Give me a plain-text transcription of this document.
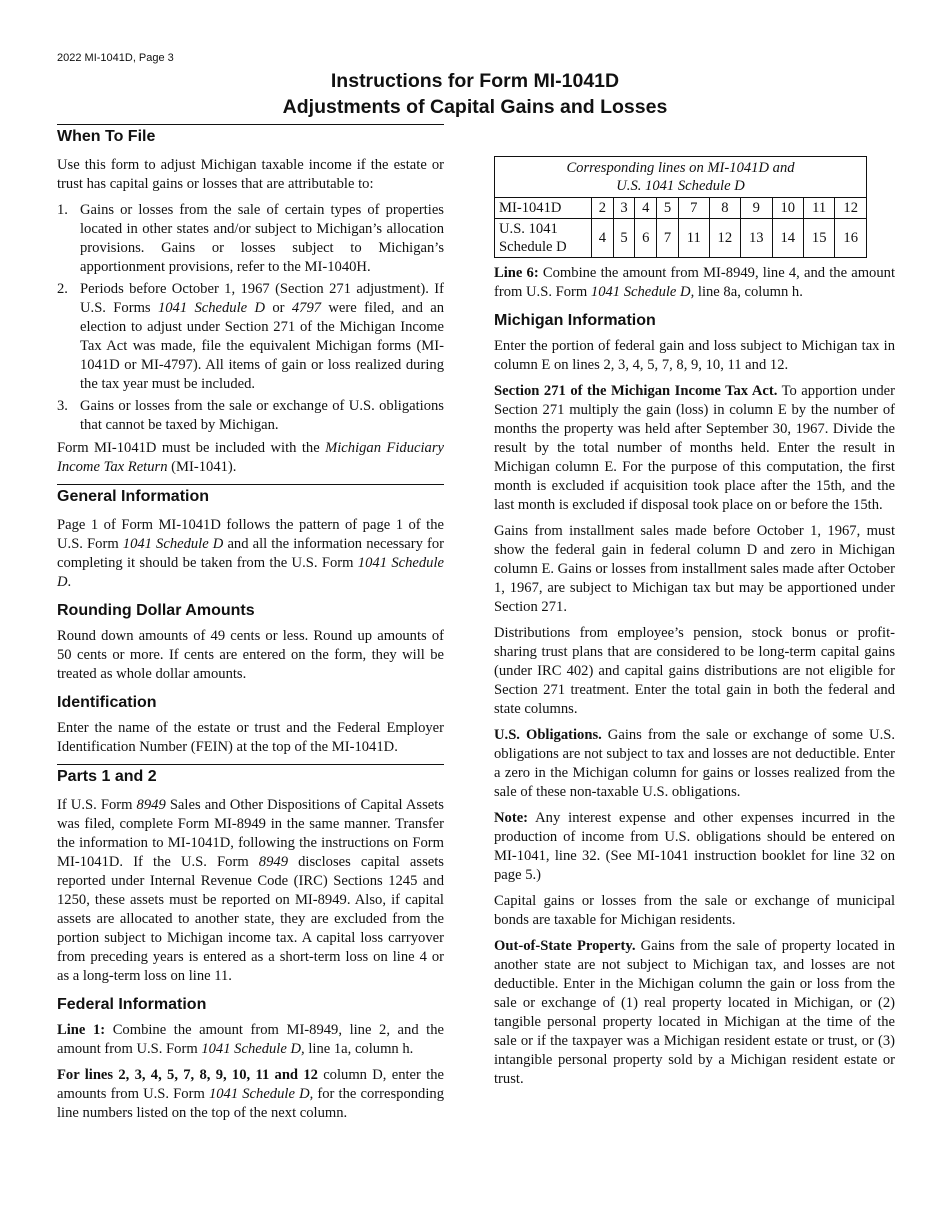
2022 MI-1041D, Page 3
Instructions for Form MI-1041D
Adjustments of Capital Gains and Losses
When To File

Use this form to adjust Michigan taxable income if the estate or trust has capital gains or losses that are attributable to:

1. Gains or losses from the sale of certain types of properties located in other states and/or subject to Michigan’s allocation provisions. Gains or losses subject to Michigan’s apportionment provisions, refer to the MI-1040H.
2. Periods before October 1, 1967 (Section 271 adjustment). If U.S. Forms 1041 Schedule D or 4797 were filed, and an election to adjust under Section 271 of the Michigan Income Tax Act was made, file the equivalent Michigan forms (MI-1041D or MI-4797). All items of gain or loss realized during the tax year must be included.
3. Gains or losses from the sale or exchange of U.S. obligations that cannot be taxed by Michigan.

Form MI-1041D must be included with the Michigan Fiduciary Income Tax Return (MI-1041).

General Information

Page 1 of Form MI-1041D follows the pattern of page 1 of the U.S. Form 1041 Schedule D and all the information necessary for completing it should be taken from the U.S. Form 1041 Schedule D.

Rounding Dollar Amounts

Round down amounts of 49 cents or less. Round up amounts of 50 cents or more. If cents are entered on the form, they will be treated as whole dollar amounts.

Identification

Enter the name of the estate or trust and the Federal Employer Identification Number (FEIN) at the top of the MI-1041D.

Parts 1 and 2

If U.S. Form 8949 Sales and Other Dispositions of Capital Assets was filed, complete Form MI-8949 in the same manner. Transfer the information to MI-1041D, following the instructions on Form MI-1041D. If the U.S. Form 8949 discloses capital assets reported under Internal Revenue Code (IRC) Sections 1245 and 1250, these assets must be reported on MI-8949. Also, if capital assets are allocated to another state, they are excluded from the portion subject to Michigan income tax. A capital loss carryover from preceding years is entered as a short-term loss on line 4 or as a long-term loss on line 11.

Federal Information

Line 1: Combine the amount from MI-8949, line 2, and the amount from U.S. Form 1041 Schedule D, line 1a, column h.

For lines 2, 3, 4, 5, 7, 8, 9, 10, 11 and 12 column D, enter the amounts from U.S. Form 1041 Schedule D, for the corresponding line numbers listed on the top of the next column.

Corresponding lines on MI-1041D and
U.S. 1041 Schedule D										

MI-1041D	2	3	4	5	7	8	9	10	11	12

U.S. 1041
Schedule D	4	5	6	7	11	12	13	14	15	16

Line 6: Combine the amount from MI-8949, line 4, and the amount from U.S. Form 1041 Schedule D, line 8a, column h.

Michigan Information

Enter the portion of federal gain and loss subject to Michigan tax in column E on lines 2, 3, 4, 5, 7, 8, 9, 10, 11 and 12.

Section 271 of the Michigan Income Tax Act. To apportion under Section 271 multiply the gain (loss) in column E by the number of months the property was held after September 30, 1967. Divide the result by the total number of months held. Enter the result in Michigan column E. For the purpose of this computation, the first month is excluded if acquisition took place after the 15th, and the last month is excluded if disposal took place on or before the 15th.

Gains from installment sales made before October 1, 1967, must show the federal gain in federal column D and zero in Michigan column E. Gains or losses from installment sales made after October 1, 1967, are subject to Michigan tax but may be apportioned under Section 271.

Distributions from employee’s pension, stock bonus or profit-sharing trust plans that are considered to be long-term capital gains (under IRC 402) and capital gains distributions are not eligible for Section 271 treatment. Enter the total gain in both the federal and state columns.

U.S. Obligations. Gains from the sale or exchange of some U.S. obligations are not subject to tax and losses are not deductible. Enter a zero in the Michigan column for gains or losses realized from the sale of these non-taxable U.S. obligations.

Note: Any interest expense and other expenses incurred in the production of income from U.S. obligations should be entered on MI-1041, line 32. (See MI-1041 instruction booklet for line 32 on page 5.)

Capital gains or losses from the sale or exchange of municipal bonds are taxable for Michigan residents.

Out-of-State Property. Gains from the sale of property located in another state are not subject to Michigan tax, and losses are not deductible. Enter in the Michigan column the gain or loss from the sale or exchange of (1) real property located in Michigan, or (2) tangible personal property located in Michigan at the time of the sale or if the taxpayer was a Michigan resident estate or trust, or (3) intangible personal property sold by a Michigan resident estate or trust.
